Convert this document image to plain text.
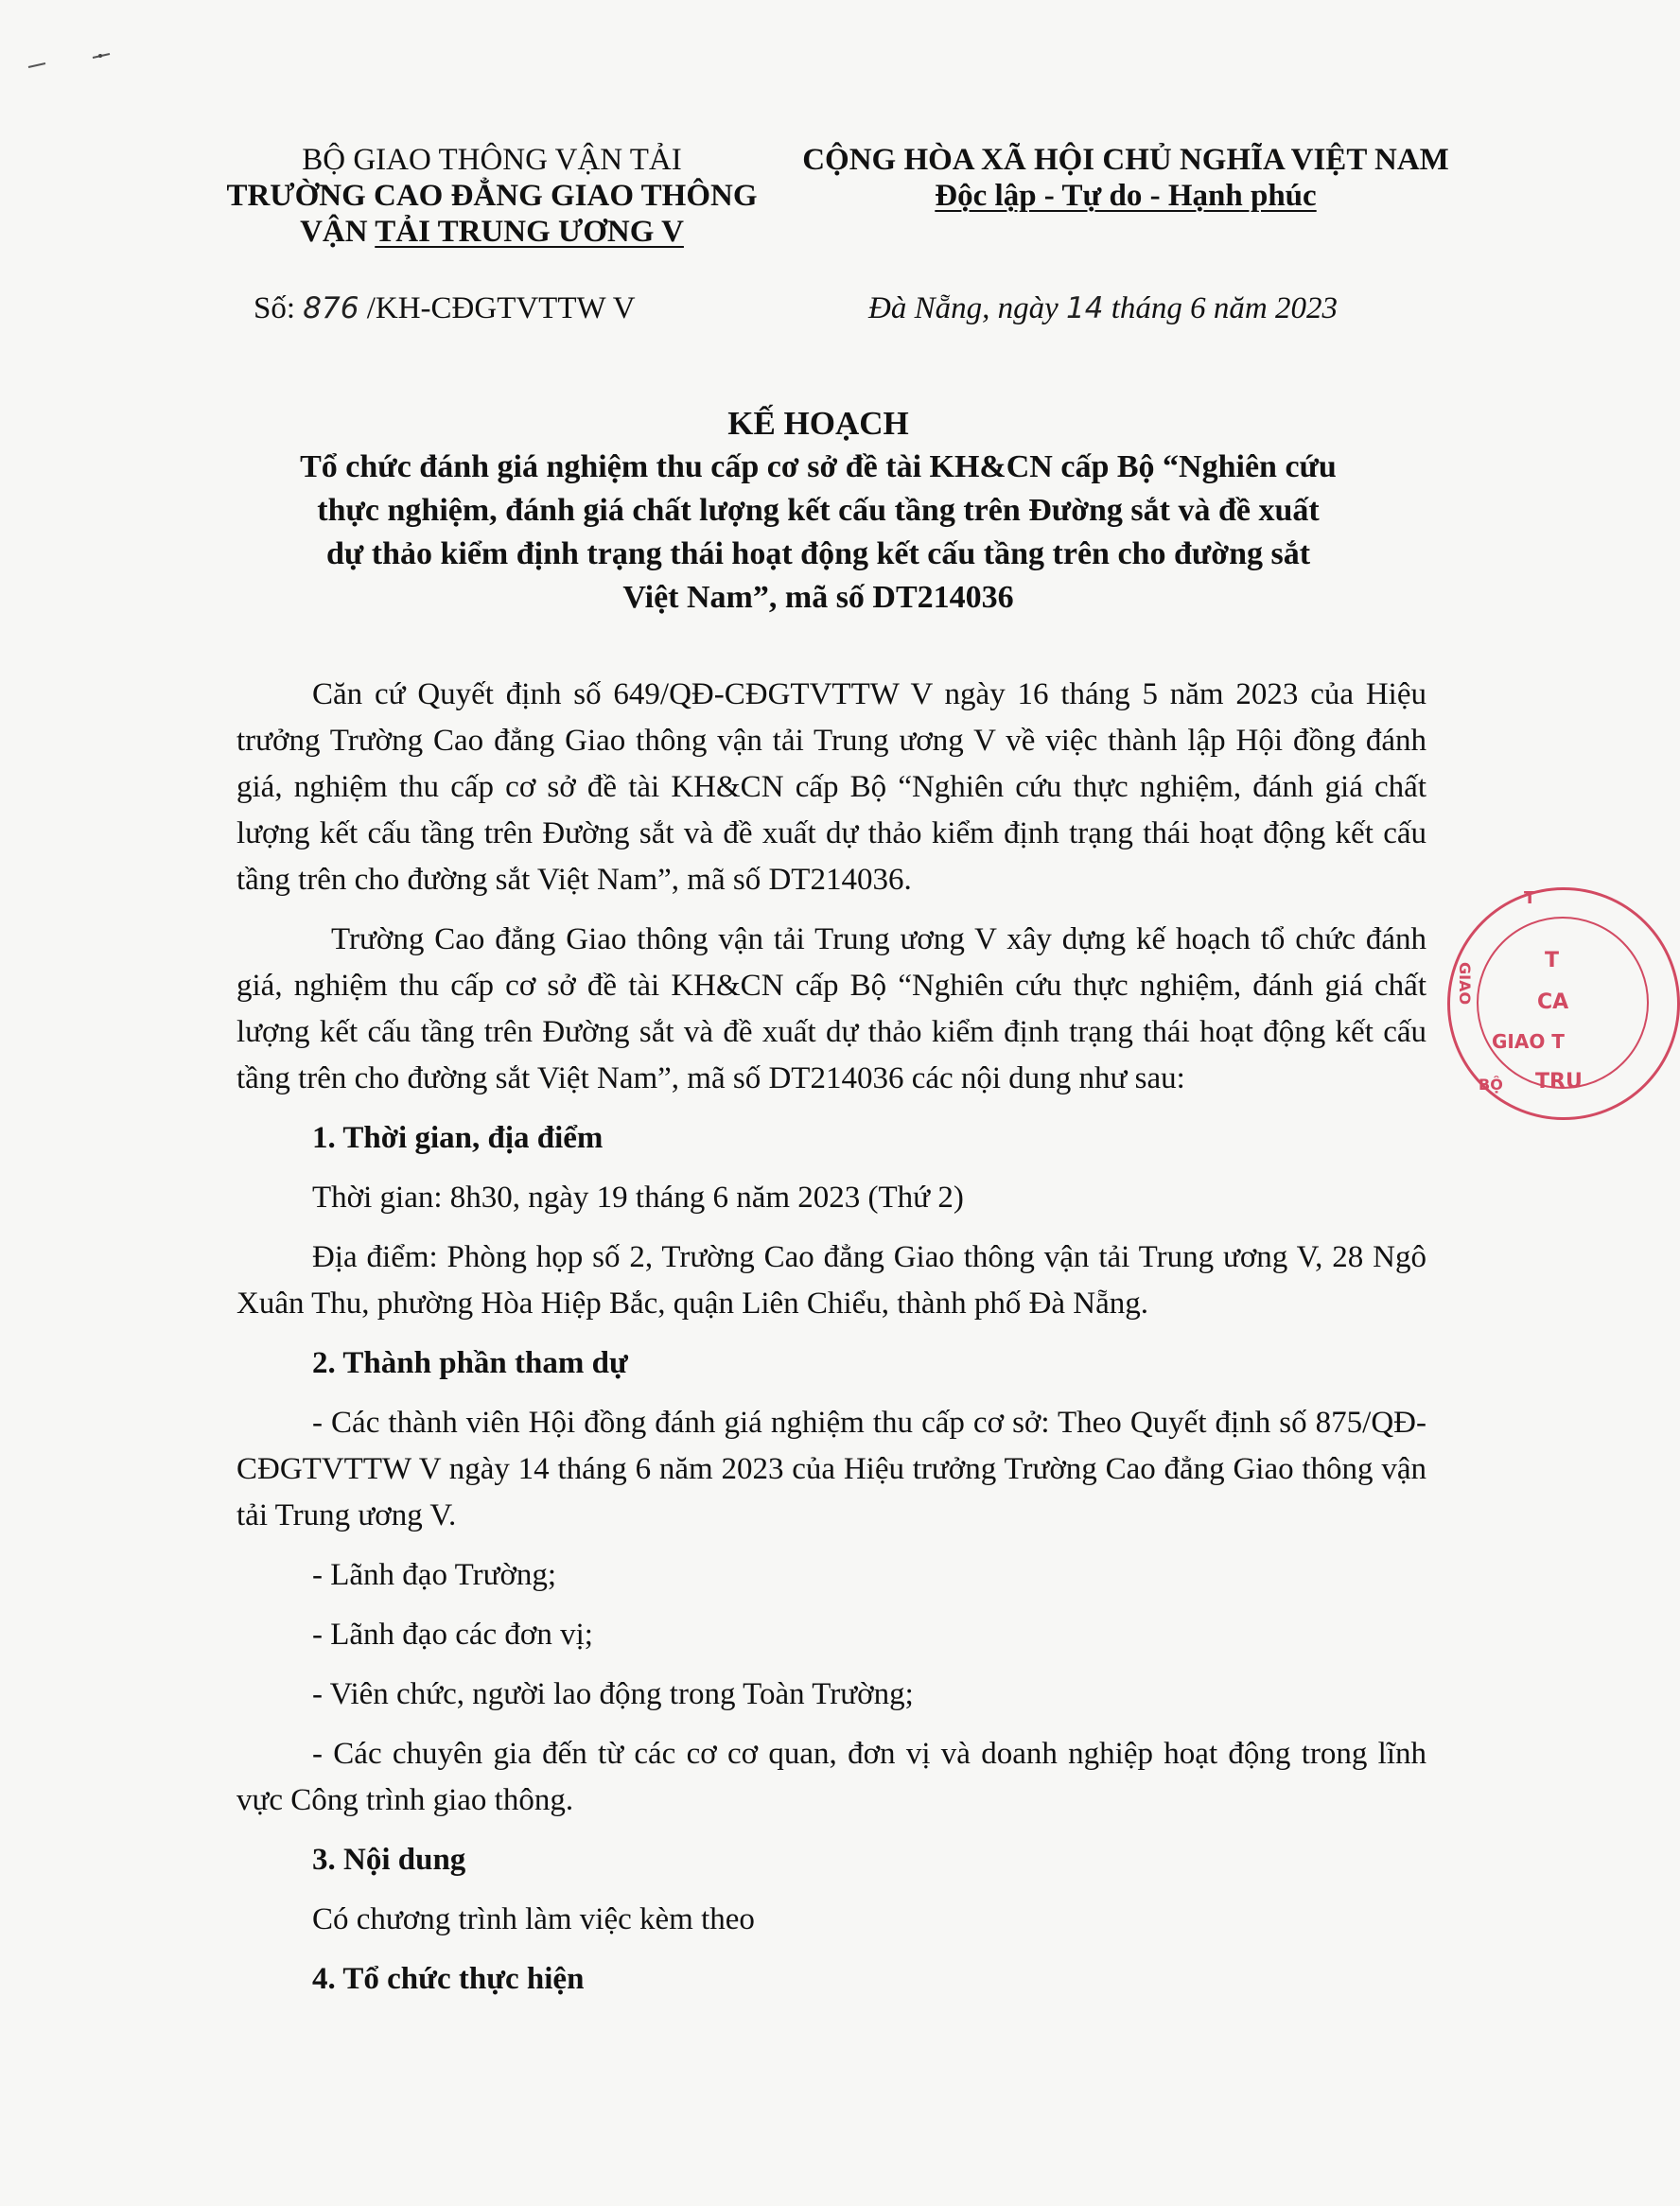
BỘ GIAO THÔNG VẬN TẢI
TRƯỜNG CAO ĐẲNG GIAO THÔNG
VẬN TẢI TRUNG ƯƠNG V
CỘNG HÒA XÃ HỘI CHỦ NGHĨA VIỆT NAM
Độc lập - Tự do - Hạnh phúc
Số: 876 /KH-CĐGTVTTW V	Đà Nẵng, ngày 14 tháng 6 năm 2023
KẾ HOẠCH
Tổ chức đánh giá nghiệm thu cấp cơ sở đề tài KH&CN cấp Bộ “Nghiên cứu
thực nghiệm, đánh giá chất lượng kết cấu tầng trên Đường sắt và đề xuất
dự thảo kiểm định trạng thái hoạt động kết cấu tầng trên cho đường sắt
Việt Nam”, mã số DT214036

Căn cứ Quyết định số 649/QĐ-CĐGTVTTW V ngày 16 tháng 5 năm 2023 của Hiệu trưởng Trường Cao đẳng Giao thông vận tải Trung ương V về việc thành lập Hội đồng đánh giá, nghiệm thu cấp cơ sở đề tài KH&CN cấp Bộ “Nghiên cứu thực nghiệm, đánh giá chất lượng kết cấu tầng trên Đường sắt và đề xuất dự thảo kiểm định trạng thái hoạt động kết cấu tầng trên cho đường sắt Việt Nam”, mã số DT214036.

Trường Cao đẳng Giao thông vận tải Trung ương V xây dựng kế hoạch tổ chức đánh giá, nghiệm thu cấp cơ sở đề tài KH&CN cấp Bộ “Nghiên cứu thực nghiệm, đánh giá chất lượng kết cấu tầng trên Đường sắt và đề xuất dự thảo kiểm định trạng thái hoạt động kết cấu tầng trên cho đường sắt Việt Nam”, mã số DT214036 các nội dung như sau:

1. Thời gian, địa điểm
Thời gian: 8h30, ngày 19 tháng 6 năm 2023 (Thứ 2)

Địa điểm: Phòng họp số 2, Trường Cao đẳng Giao thông vận tải Trung ương V, 28 Ngô Xuân Thu, phường Hòa Hiệp Bắc, quận Liên Chiểu, thành phố Đà Nẵng.

2. Thành phần tham dự

- Các thành viên Hội đồng đánh giá nghiệm thu cấp cơ sở: Theo Quyết định số 875/QĐ-CĐGTVTTW V ngày 14 tháng 6 năm 2023 của Hiệu trưởng Trường Cao đẳng Giao thông vận tải Trung ương V.

- Lãnh đạo Trường;
- Lãnh đạo các đơn vị;
- Viên chức, người lao động trong Toàn Trường;

- Các chuyên gia đến từ các cơ cơ quan, đơn vị và doanh nghiệp hoạt động trong lĩnh vực Công trình giao thông.

3. Nội dung
Có chương trình làm việc kèm theo
4. Tổ chức thực hiện
T
T
CA
GIAO T
TRU
GIAO
BỘ
